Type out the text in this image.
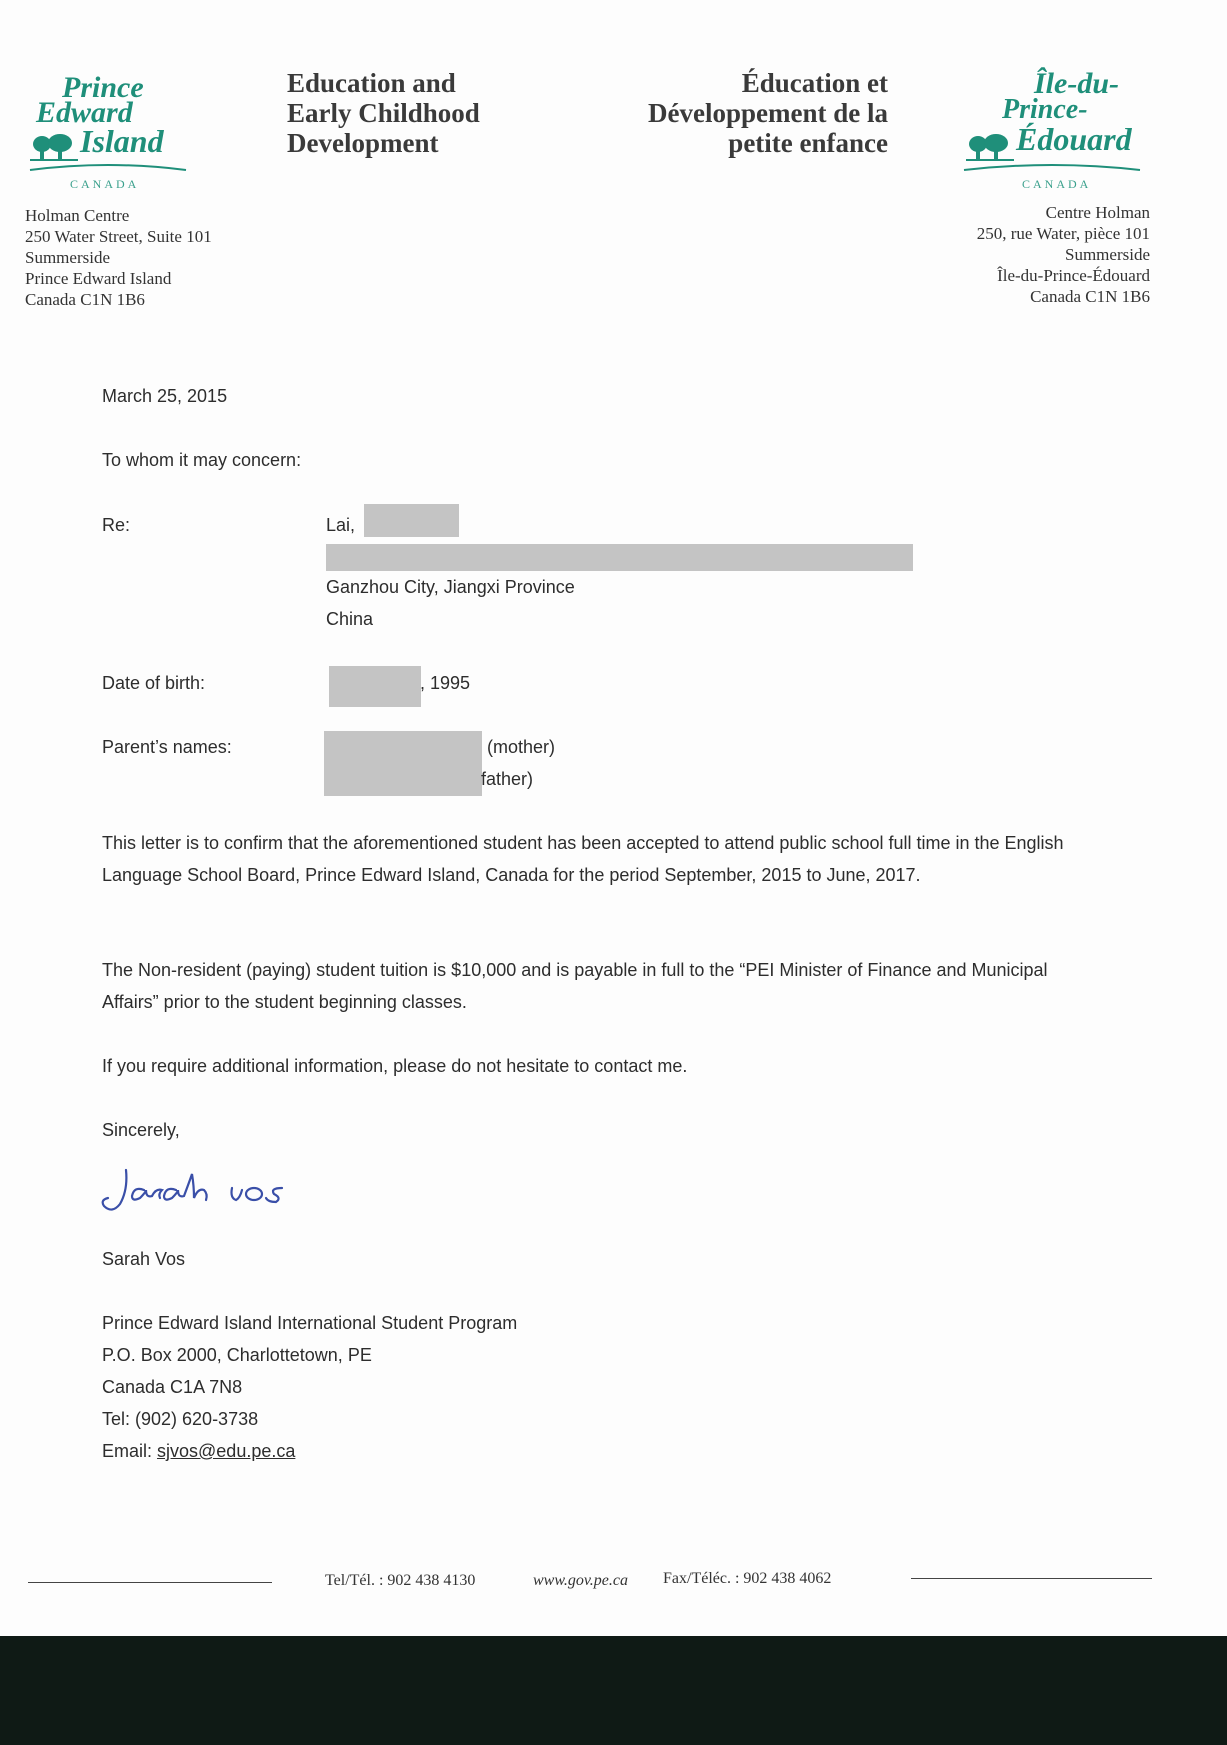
Prince
Edward
Island
CANADA
Île-du-
Prince-
Édouard
CANADA
Education and
Early Childhood
Development
Éducation et
Développement de la
petite enfance
Holman Centre
250 Water Street, Suite 101
Summerside
Prince Edward Island
Canada C1N 1B6
Centre Holman
250, rue Water, pièce 101
Summerside
Île-du-Prince-Édouard
Canada C1N 1B6
March 25, 2015
To whom it may concern:
Re:	Lai,
Ganzhou City, Jiangxi Province
China
Date of birth:	, 1995
Parent’s names:	(mother)
father)
This letter is to confirm that the aforementioned student has been accepted to attend public school full time in the English Language School Board, Prince Edward Island, Canada for the period September, 2015 to June, 2017.
The Non-resident (paying) student tuition is $10,000 and is payable in full to the “PEI Minister of Finance and Municipal Affairs” prior to the student beginning classes.
If you require additional information, please do not hesitate to contact me.
Sincerely,
Sarah Vos
Prince Edward Island International Student Program
P.O. Box 2000, Charlottetown, PE
Canada C1A 7N8
Tel: (902) 620-3738
Email: sjvos@edu.pe.ca
Tel/Tél. : 902 438 4130	www.gov.pe.ca Fax/Téléc. : 902 438 4062
